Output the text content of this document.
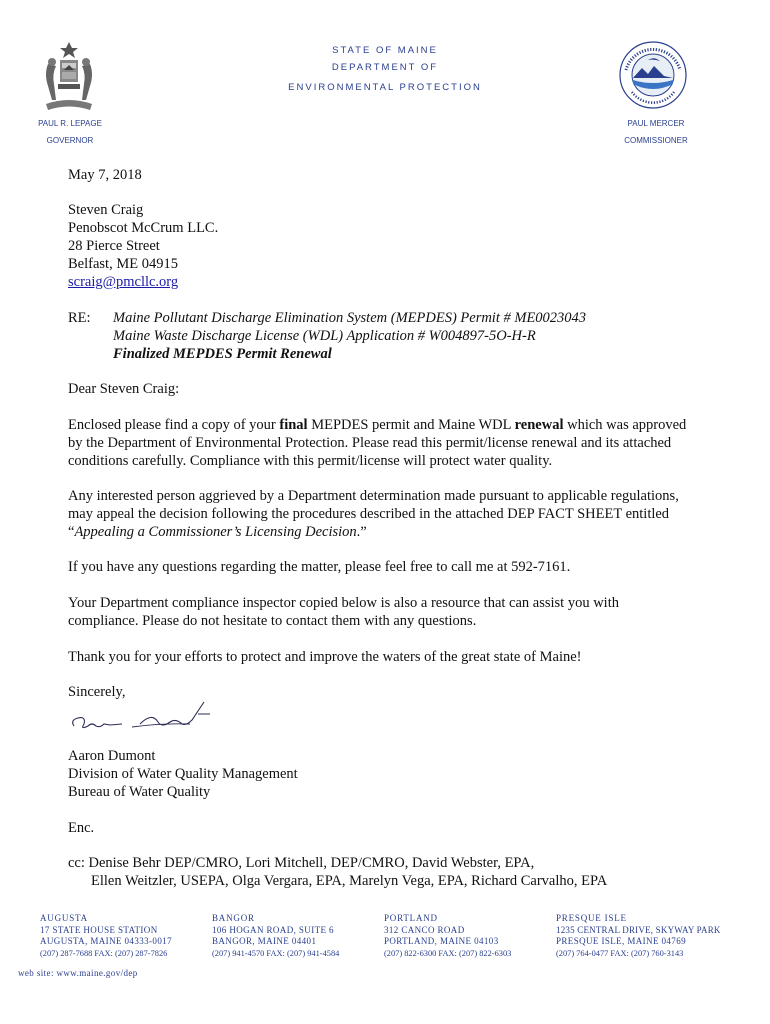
STATE OF MAINE
DEPARTMENT OF
ENVIRONMENTAL PROTECTION
PAUL R. LEPAGE
GOVERNOR
PAUL MERCER
COMMISSIONER
May 7, 2018
Steven Craig
Penobscot McCrum LLC.
28 Pierce Street
Belfast, ME 04915
scraig@pmcllc.org
RE:	Maine Pollutant Discharge Elimination System (MEPDES) Permit # ME0023043
Maine Waste Discharge License (WDL) Application # W004897-5O-H-R
Finalized MEPDES Permit Renewal
Dear Steven Craig:
Enclosed please find a copy of your final MEPDES permit and Maine WDL renewal which was approved by the Department of Environmental Protection. Please read this permit/license renewal and its attached conditions carefully. Compliance with this permit/license will protect water quality.
Any interested person aggrieved by a Department determination made pursuant to applicable regulations, may appeal the decision following the procedures described in the attached DEP FACT SHEET entitled “Appealing a Commissioner’s Licensing Decision.”
If you have any questions regarding the matter, please feel free to call me at 592-7161.
Your Department compliance inspector copied below is also a resource that can assist you with compliance. Please do not hesitate to contact them with any questions.
Thank you for your efforts to protect and improve the waters of the great state of Maine!
Sincerely,
Aaron Dumont
Division of Water Quality Management
Bureau of Water Quality
Enc.
cc: Denise Behr DEP/CMRO, Lori Mitchell, DEP/CMRO, David Webster, EPA,
Ellen Weitzler, USEPA, Olga Vergara, EPA, Marelyn Vega, EPA, Richard Carvalho, EPA
AUGUSTA
17 STATE HOUSE STATION
AUGUSTA, MAINE 04333-0017
(207) 287-7688 FAX: (207) 287-7826
BANGOR
106 HOGAN ROAD, SUITE 6
BANGOR, MAINE 04401
(207) 941-4570 FAX: (207) 941-4584
PORTLAND
312 CANCO ROAD
PORTLAND, MAINE 04103
(207) 822-6300 FAX: (207) 822-6303
PRESQUE ISLE
1235 CENTRAL DRIVE, SKYWAY PARK
PRESQUE ISLE, MAINE 04769
(207) 764-0477 FAX: (207) 760-3143
web site: www.maine.gov/dep
